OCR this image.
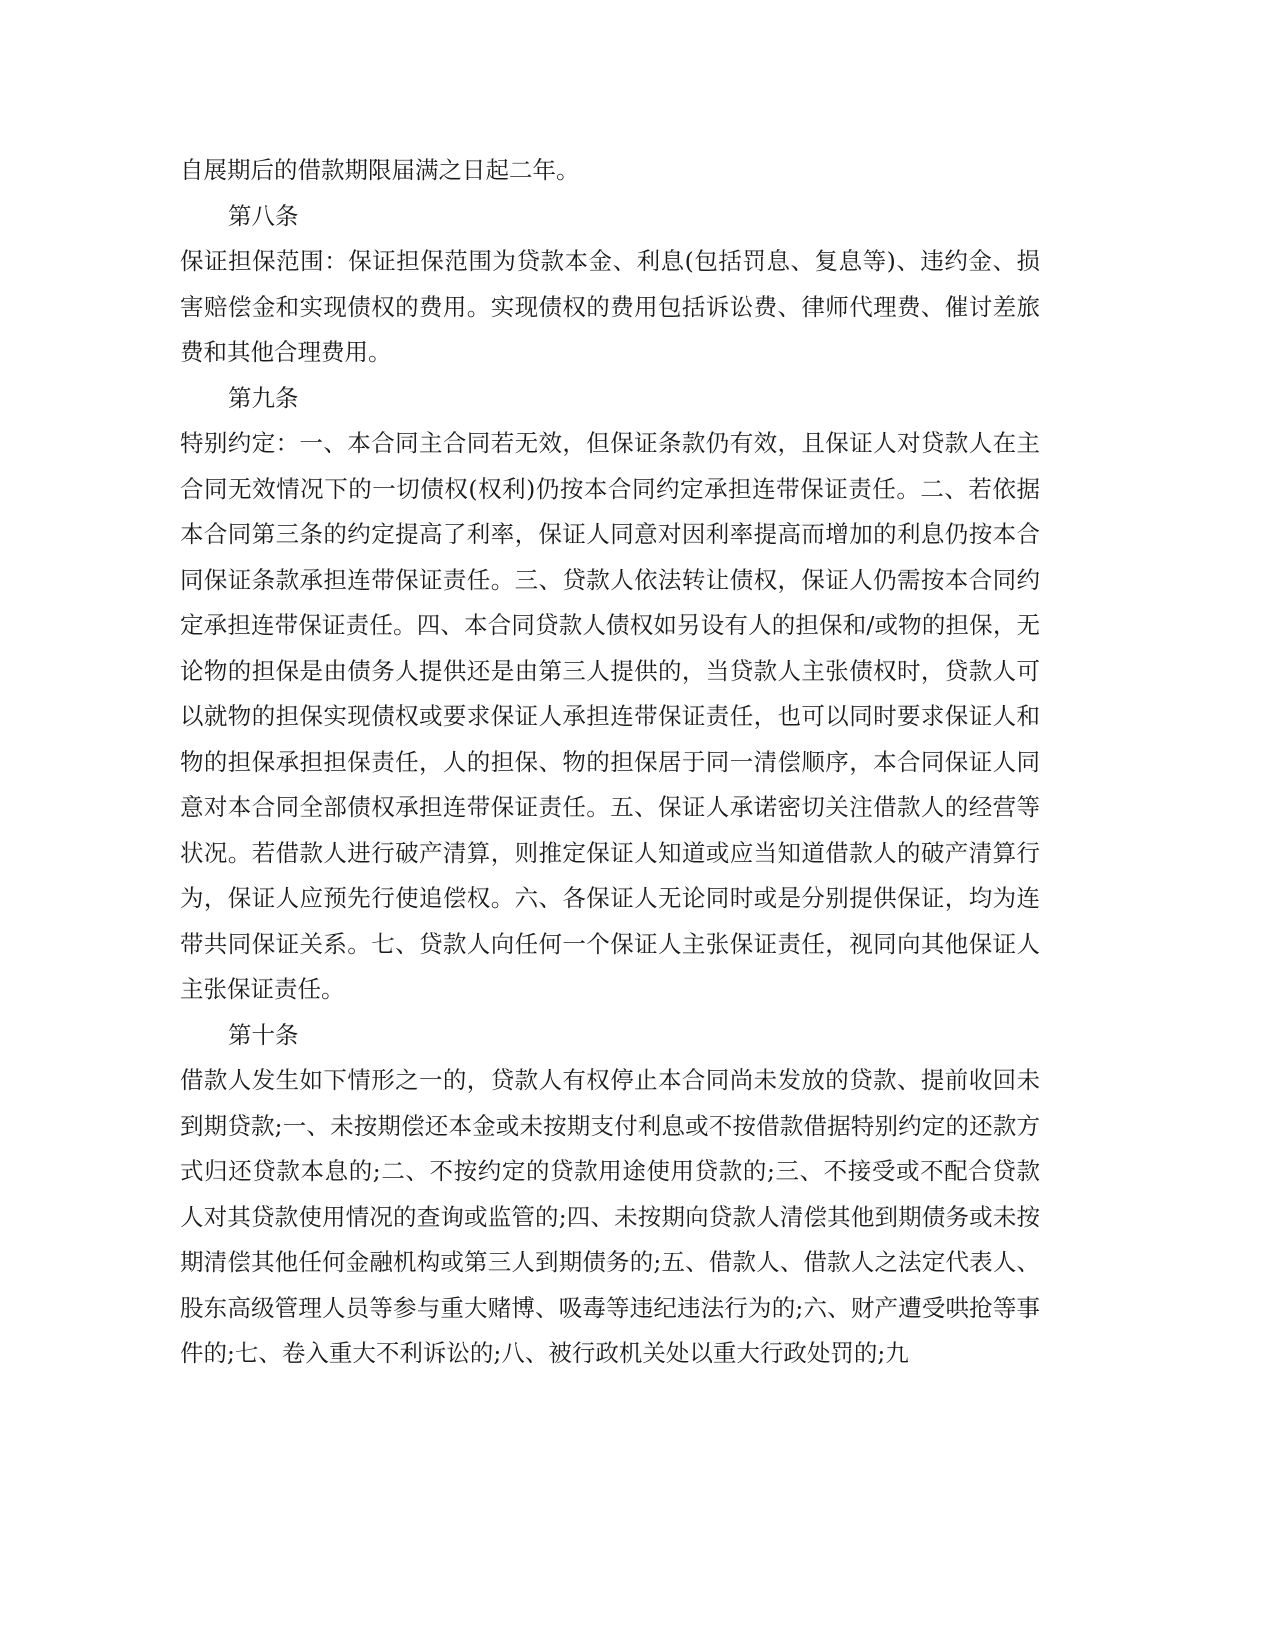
自展期后的借款期限届满之日起二年。

第八条

保证担保范围：保证担保范围为贷款本金、利息(包括罚息、复息等)、违约金、损害赔偿金和实现债权的费用。实现债权的费用包括诉讼费、律师代理费、催讨差旅费和其他合理费用。

第九条

特别约定：一、本合同主合同若无效，但保证条款仍有效，且保证人对贷款人在主合同无效情况下的一切债权(权利)仍按本合同约定承担连带保证责任。二、若依据本合同第三条的约定提高了利率，保证人同意对因利率提高而增加的利息仍按本合同保证条款承担连带保证责任。三、贷款人依法转让债权，保证人仍需按本合同约定承担连带保证责任。四、本合同贷款人债权如另设有人的担保和/或物的担保，无论物的担保是由债务人提供还是由第三人提供的，当贷款人主张债权时，贷款人可以就物的担保实现债权或要求保证人承担连带保证责任，也可以同时要求保证人和物的担保承担担保责任，人的担保、物的担保居于同一清偿顺序，本合同保证人同意对本合同全部债权承担连带保证责任。五、保证人承诺密切关注借款人的经营等状况。若借款人进行破产清算，则推定保证人知道或应当知道借款人的破产清算行为，保证人应预先行使追偿权。六、各保证人无论同时或是分别提供保证，均为连带共同保证关系。七、贷款人向任何一个保证人主张保证责任，视同向其他保证人主张保证责任。

第十条

借款人发生如下情形之一的，贷款人有权停止本合同尚未发放的贷款、提前收回未到期贷款;一、未按期偿还本金或未按期支付利息或不按借款借据特别约定的还款方式归还贷款本息的;二、不按约定的贷款用途使用贷款的;三、不接受或不配合贷款人对其贷款使用情况的查询或监管的;四、未按期向贷款人清偿其他到期债务或未按期清偿其他任何金融机构或第三人到期债务的;五、借款人、借款人之法定代表人、股东高级管理人员等参与重大赌博、吸毒等违纪违法行为的;六、财产遭受哄抢等事件的;七、卷入重大不利诉讼的;八、被行政机关处以重大行政处罚的;九
